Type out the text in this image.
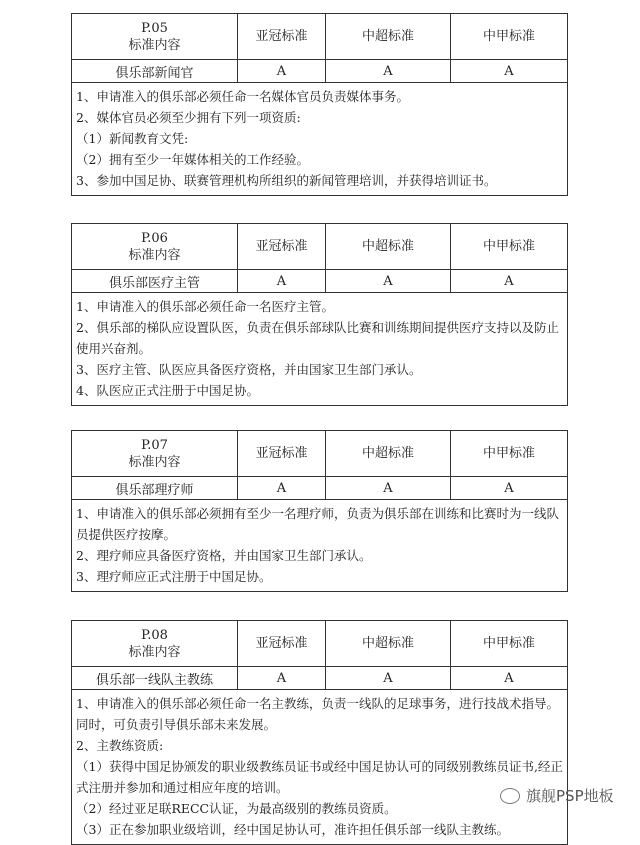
P.05
标准内容
亚冠标准	中超标准	中甲标准
俱乐部新闻官	A	A	A
1、申请准入的俱乐部必须任命一名媒体官员负责媒体事务。
2、媒体官员必须至少拥有下列一项资质:
（1）新闻教育文凭:
（2）拥有至少一年媒体相关的工作经验。
3、参加中国足协、联赛管理机构所组织的新闻管理培训，并获得培训证书。
P.06
标准内容
亚冠标准	中超标准	中甲标准
俱乐部医疗主管	A	A	A
1、申请准入的俱乐部必须任命一名医疗主管。
2、俱乐部的梯队应设置队医，负责在俱乐部球队比赛和训练期间提供医疗支持以及防止使用兴奋剂。
3、医疗主管、队医应具备医疗资格，并由国家卫生部门承认。
4、队医应正式注册于中国足协。
P.07
标准内容
亚冠标准	中超标准	中甲标准
俱乐部理疗师	A	A	A
1、申请准入的俱乐部必须拥有至少一名理疗师，负责为俱乐部在训练和比赛时为一线队员提供医疗按摩。
2、理疗师应具备医疗资格，并由国家卫生部门承认。
3、理疗师应正式注册于中国足协。
P.08
标准内容
亚冠标准	中超标准	中甲标准
俱乐部一线队主教练	A	A	A
1、申请准入的俱乐部必须任命一名主教练，负责一线队的足球事务，进行技战术指导。同时，可负责引导俱乐部未来发展。
2、主教练资质:
（1）获得中国足协颁发的职业级教练员证书或经中国足协认可的同级别教练员证书,经正式注册并参加和通过相应年度的培训。
（2）经过亚足联RECC认证，为最高级别的教练员资质。
（3）正在参加职业级培训，经中国足协认可，准许担任俱乐部一线队主教练。
旗舰PSP地板
